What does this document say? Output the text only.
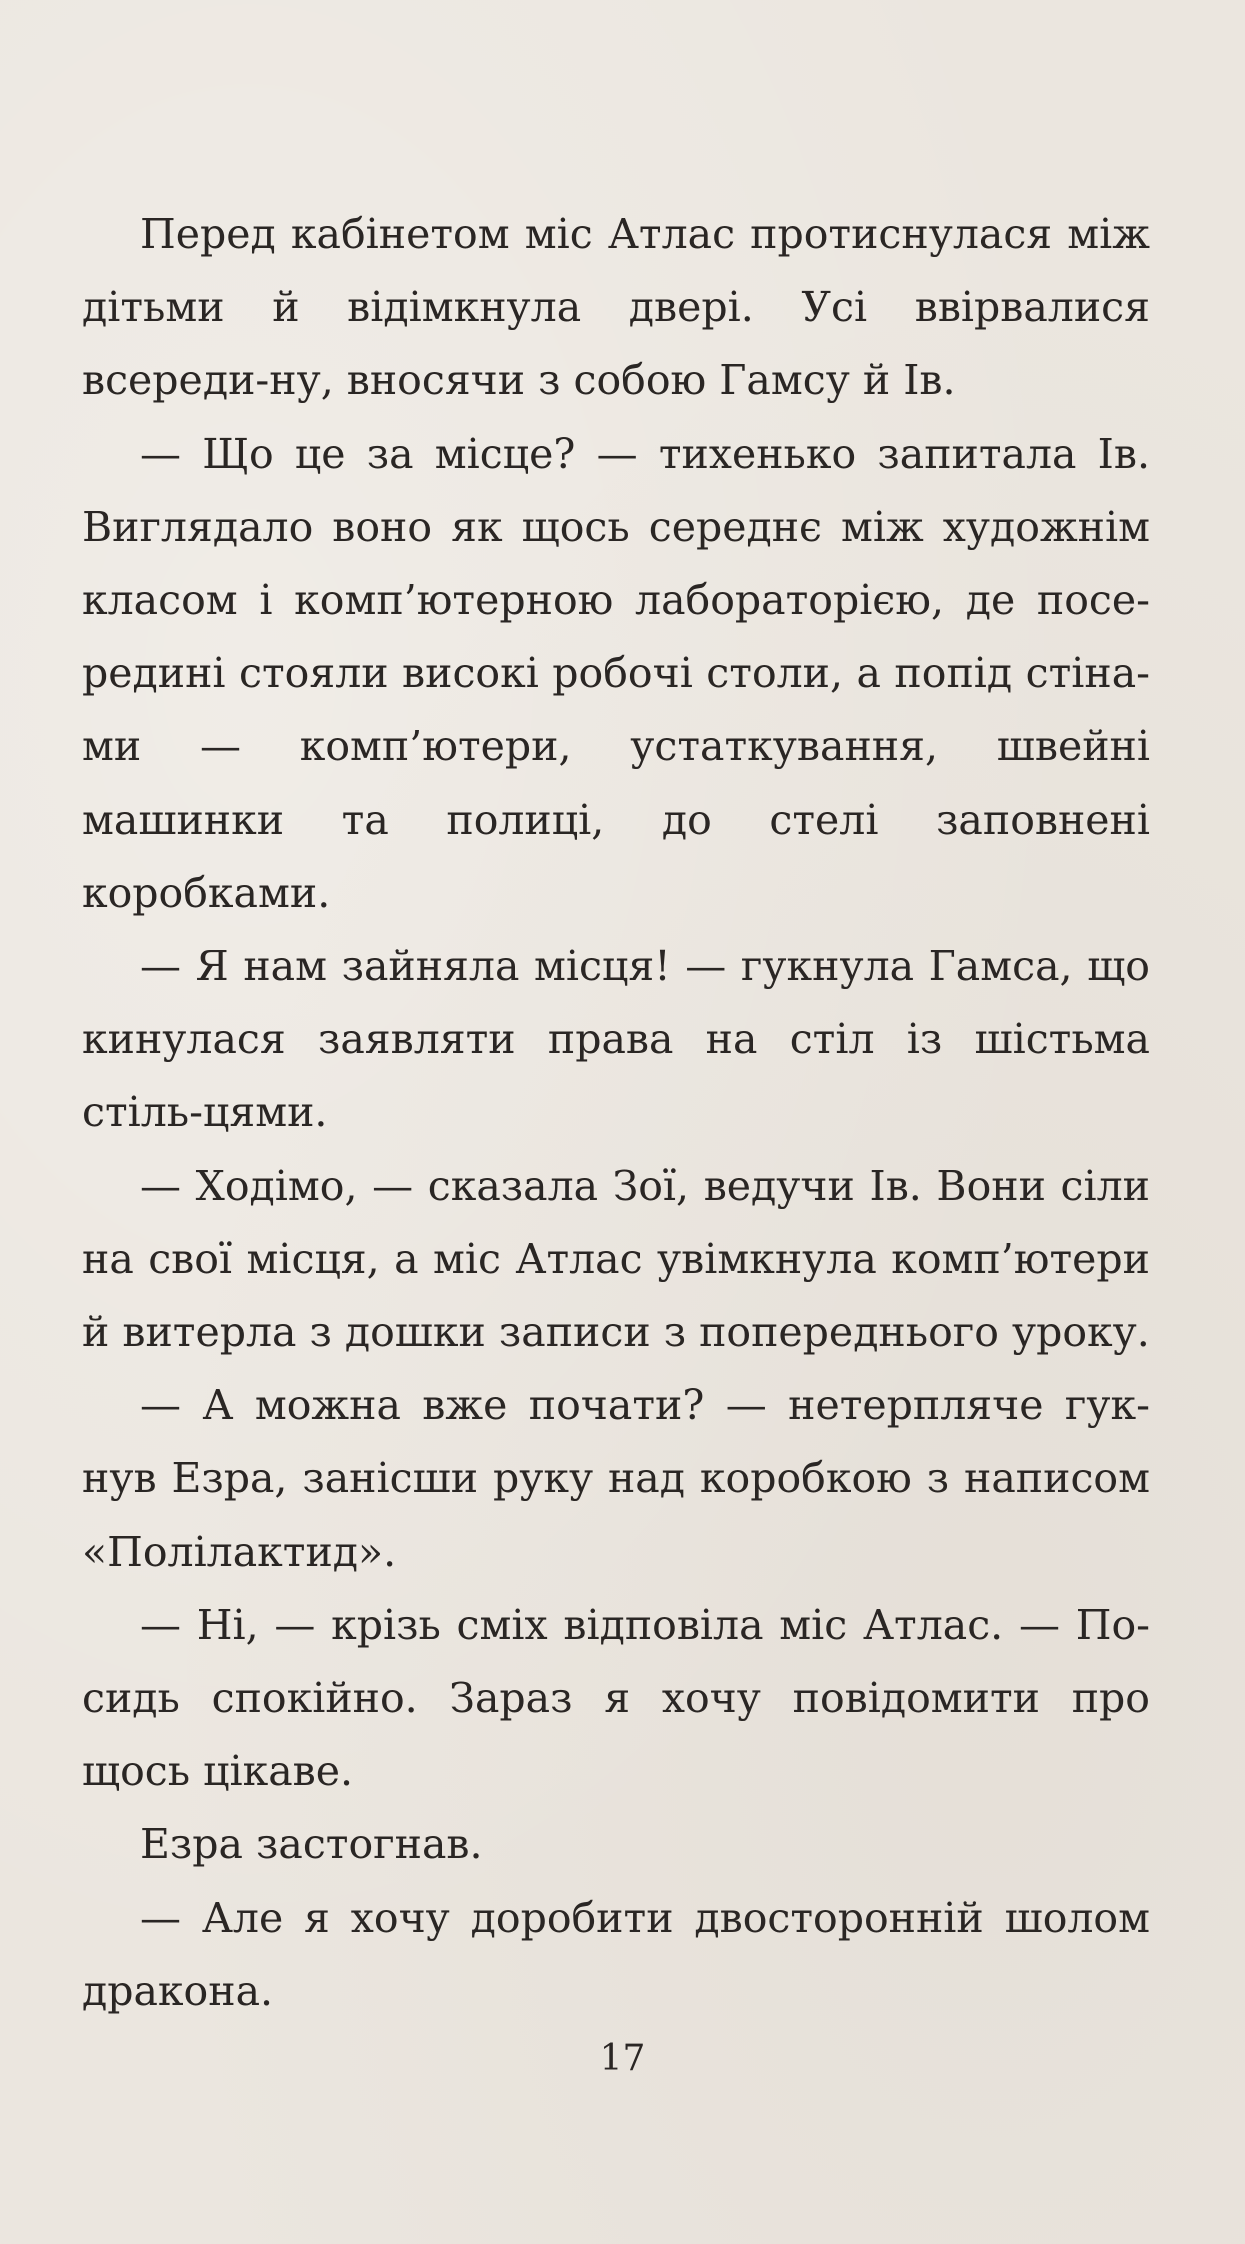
Перед кабінетом міс Атлас протиснулася між дітьми й відімкнула двері. Усі ввірвалися всереди-ну, вносячи з собою Гамсу й Ів.

— Що це за місце? — тихенько запитала Ів. Виглядало воно як щось середнє між художнім класом і комп’ютерною лабораторією, де посе-редині стояли високі робочі столи, а попід стіна-ми — комп’ютери, устаткування, швейні машинки та полиці, до стелі заповнені коробками.

— Я нам зайняла місця! — гукнула Гамса, що кинулася заявляти права на стіл із шістьма стіль-цями.

— Ходімо, — сказала Зої, ведучи Ів. Вони сіли на свої місця, а міс Атлас увімкнула комп’ютери й витерла з дошки записи з попереднього уроку.

— А можна вже почати? — нетерпляче гук-нув Езра, занісши руку над коробкою з написом «Полілактид».

— Ні, — крізь сміх відповіла міс Атлас. — По-сидь спокійно. Зараз я хочу повідомити про щось цікаве.

Езра застогнав.

— Але я хочу доробити двосторонній шолом дракона.

17
